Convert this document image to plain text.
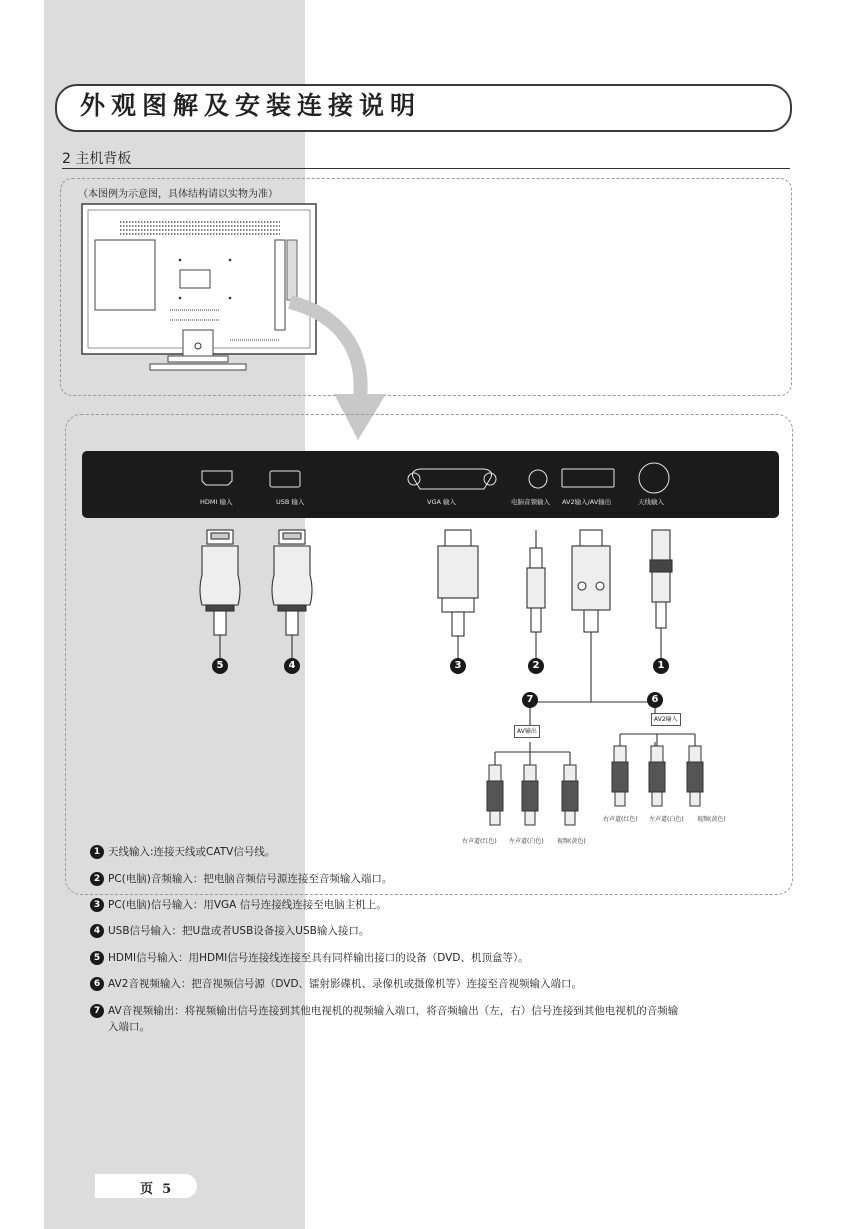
外观图解及安装连接说明
2 主机背板
（本图例为示意图，具体结构请以实物为准）
HDMI 输入	USB 输入	VGA 输入	电脑音频输入 AV2输入/AV输出	天线输入
5	4	3	2	1
7	6
AV输出
AV2输入
右声道(红色) 左声道(白色) 视频(黄色)
右声道(红色) 左声道(白色) 视频(黄色)
1 天线输入:连接天线或CATV信号线。
2 PC(电脑)音频输入：把电脑音频信号源连接至音频输入端口。
3 PC(电脑)信号输入：用VGA 信号连接线连接至电脑主机上。
4 USB信号输入：把U盘或者USB设备接入USB输入接口。
5 HDMI信号输入：用HDMI信号连接线连接至具有同样输出接口的设备（DVD、机顶盒等）。
6 AV2音视频输入：把音视频信号源（DVD、镭射影碟机、录像机或摄像机等）连接至音视频输入端口。
7 AV音视频输出：将视频输出信号连接到其他电视机的视频输入端口，将音频输出（左，右）信号连接到其他电视机的音频输入端口。
页 5
